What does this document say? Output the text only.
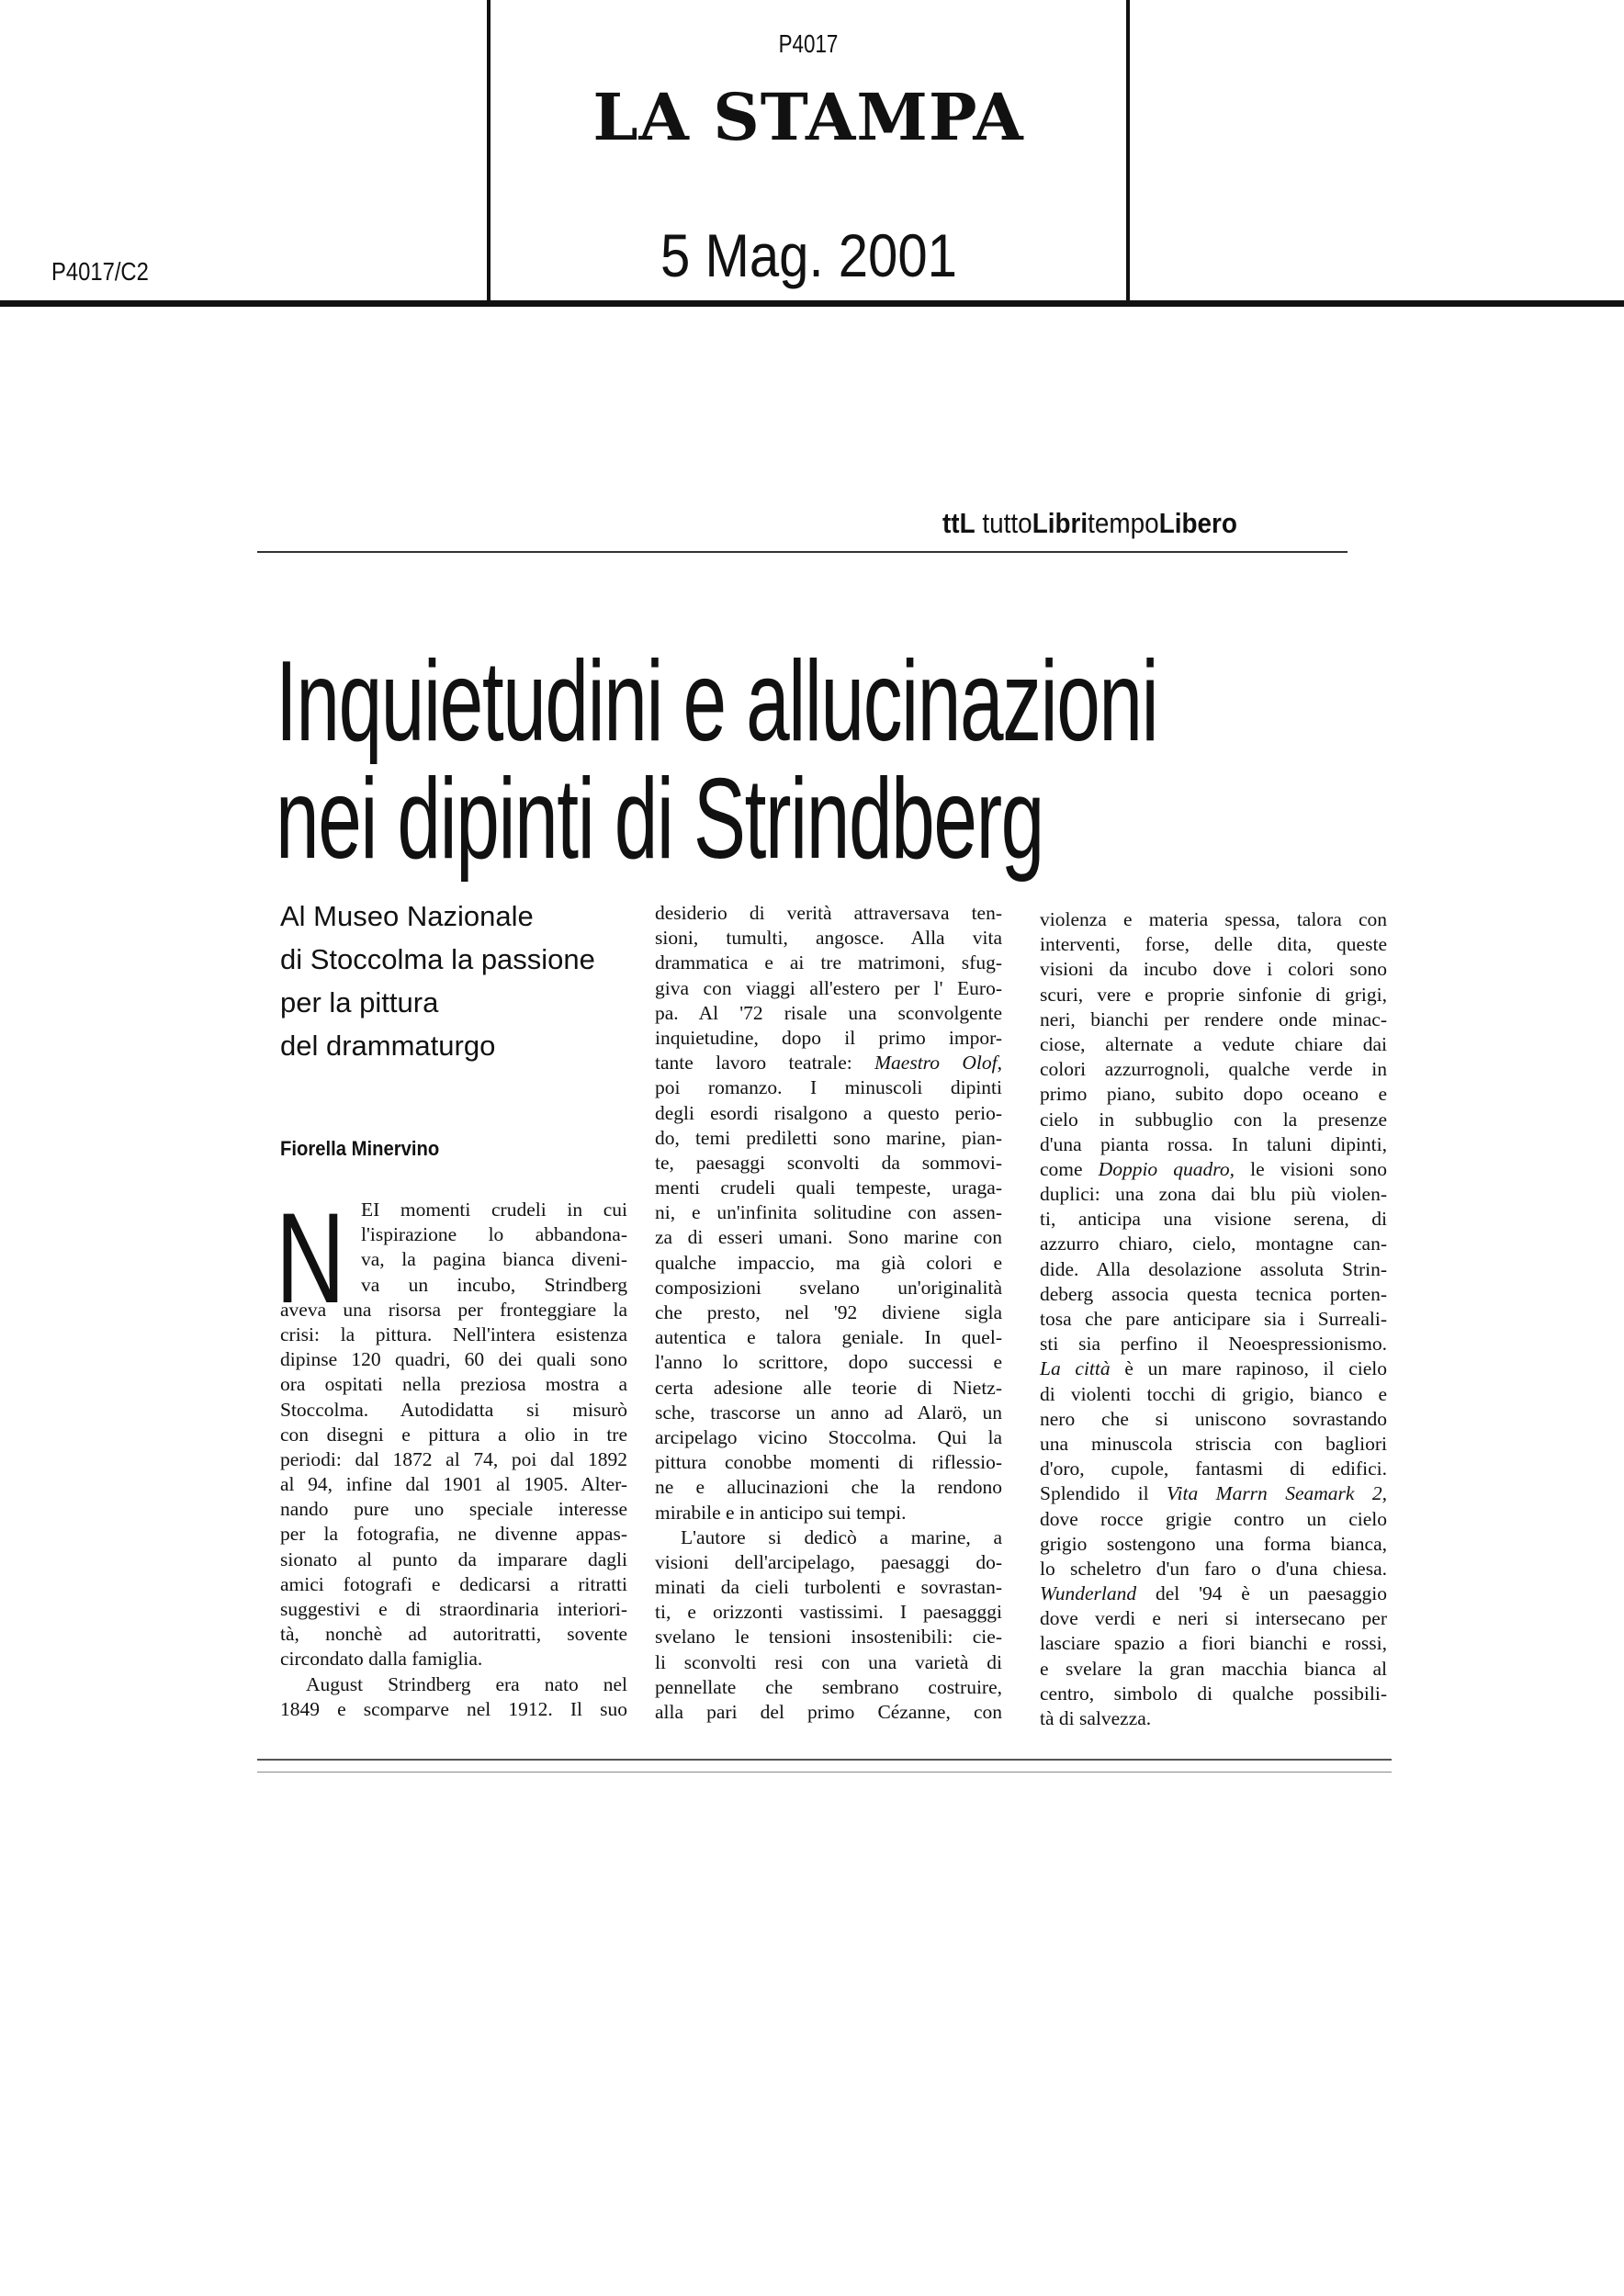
P4017
LA STAMPA
5 Mag. 2001
P4017/C2
ttL tuttoLibritempoLibero
Inquietudini e allucinazioni
nei dipinti di Strindberg
Al Museo Nazionale
di Stoccolma la passione
per la pittura
del drammaturgo
Fiorella Minervino
N EI momenti crudeli in cui
l'ispirazione lo abbandona-
va, la pagina bianca diveni-
va un incubo, Strindberg
aveva una risorsa per fronteggiare la
crisi: la pittura. Nell'intera esistenza
dipinse 120 quadri, 60 dei quali sono
ora ospitati nella preziosa mostra a
Stoccolma. Autodidatta si misurò
con disegni e pittura a olio in tre
periodi: dal 1872 al 74, poi dal 1892
al 94, infine dal 1901 al 1905. Alter-
nando pure uno speciale interesse
per la fotografia, ne divenne appas-
sionato al punto da imparare dagli
amici fotografi e dedicarsi a ritratti
suggestivi e di straordinaria interiori-
tà, nonchè ad autoritratti, sovente
circondato dalla famiglia.
August Strindberg era nato nel
1849 e scomparve nel 1912. Il suo
desiderio di verità attraversava ten-
sioni, tumulti, angosce. Alla vita
drammatica e ai tre matrimoni, sfug-
giva con viaggi all'estero per l' Euro-
pa. Al '72 risale una sconvolgente
inquietudine, dopo il primo impor-
tante lavoro teatrale: Maestro Olof,
poi romanzo. I minuscoli dipinti
degli esordi risalgono a questo perio-
do, temi prediletti sono marine, pian-
te, paesaggi sconvolti da sommovi-
menti crudeli quali tempeste, uraga-
ni, e un'infinita solitudine con assen-
za di esseri umani. Sono marine con
qualche impaccio, ma già colori e
composizioni svelano un'originalità
che presto, nel '92 diviene sigla
autentica e talora geniale. In quel-
l'anno lo scrittore, dopo successi e
certa adesione alle teorie di Nietz-
sche, trascorse un anno ad Alarö, un
arcipelago vicino Stoccolma. Qui la
pittura conobbe momenti di riflessio-
ne e allucinazioni che la rendono
mirabile e in anticipo sui tempi.
L'autore si dedicò a marine, a
visioni dell'arcipelago, paesaggi do-
minati da cieli turbolenti e sovrastan-
ti, e orizzonti vastissimi. I paesagggi
svelano le tensioni insostenibili: cie-
li sconvolti resi con una varietà di
pennellate che sembrano costruire,
alla pari del primo Cézanne, con
violenza e materia spessa, talora con
interventi, forse, delle dita, queste
visioni da incubo dove i colori sono
scuri, vere e proprie sinfonie di grigi,
neri, bianchi per rendere onde minac-
ciose, alternate a vedute chiare dai
colori azzurrognoli, qualche verde in
primo piano, subito dopo oceano e
cielo in subbuglio con la presenze
d'una pianta rossa. In taluni dipinti,
come Doppio quadro, le visioni sono
duplici: una zona dai blu più violen-
ti, anticipa una visione serena, di
azzurro chiaro, cielo, montagne can-
dide. Alla desolazione assoluta Strin-
deberg associa questa tecnica porten-
tosa che pare anticipare sia i Surreali-
sti sia perfino il Neoespressionismo.
La città è un mare rapinoso, il cielo
di violenti tocchi di grigio, bianco e
nero che si uniscono sovrastando
una minuscola striscia con bagliori
d'oro, cupole, fantasmi di edifici.
Splendido il Vita Marrn Seamark 2,
dove rocce grigie contro un cielo
grigio sostengono una forma bianca,
lo scheletro d'un faro o d'una chiesa.
Wunderland del '94 è un paesaggio
dove verdi e neri si intersecano per
lasciare spazio a fiori bianchi e rossi,
e svelare la gran macchia bianca al
centro, simbolo di qualche possibili-
tà di salvezza.
